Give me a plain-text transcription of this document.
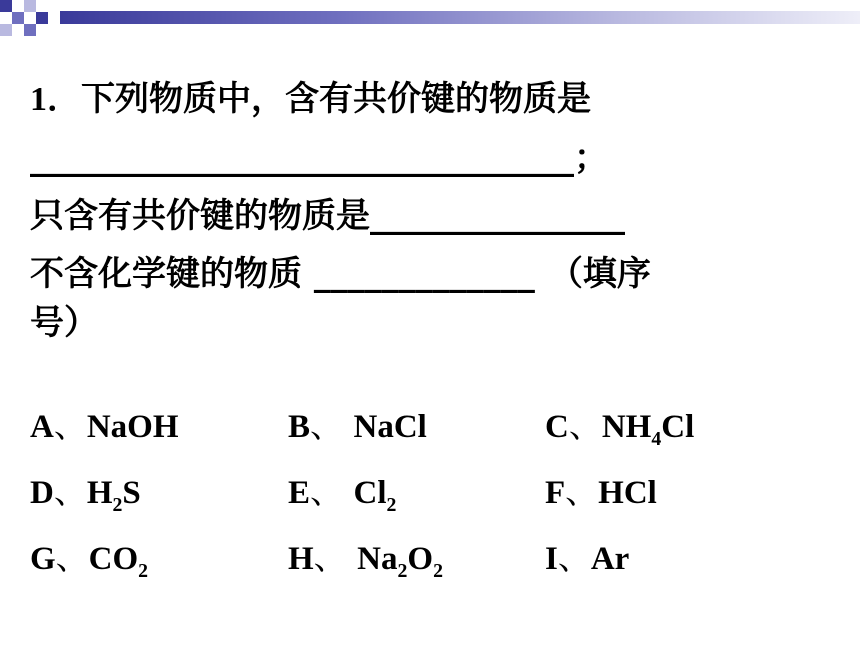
1．下列物质中，含有共价键的物质是

________________________________；

只含有共价键的物质是_______________

不含化学键的物质 _____________ （填序

号）

A、NaOH	B、 NaCl	C、$NH_4Cl$
D、$H_2S$	E、 $Cl_2$	F、HCl
G、$CO_2$	H、 $Na_2O_2$	I、Ar
